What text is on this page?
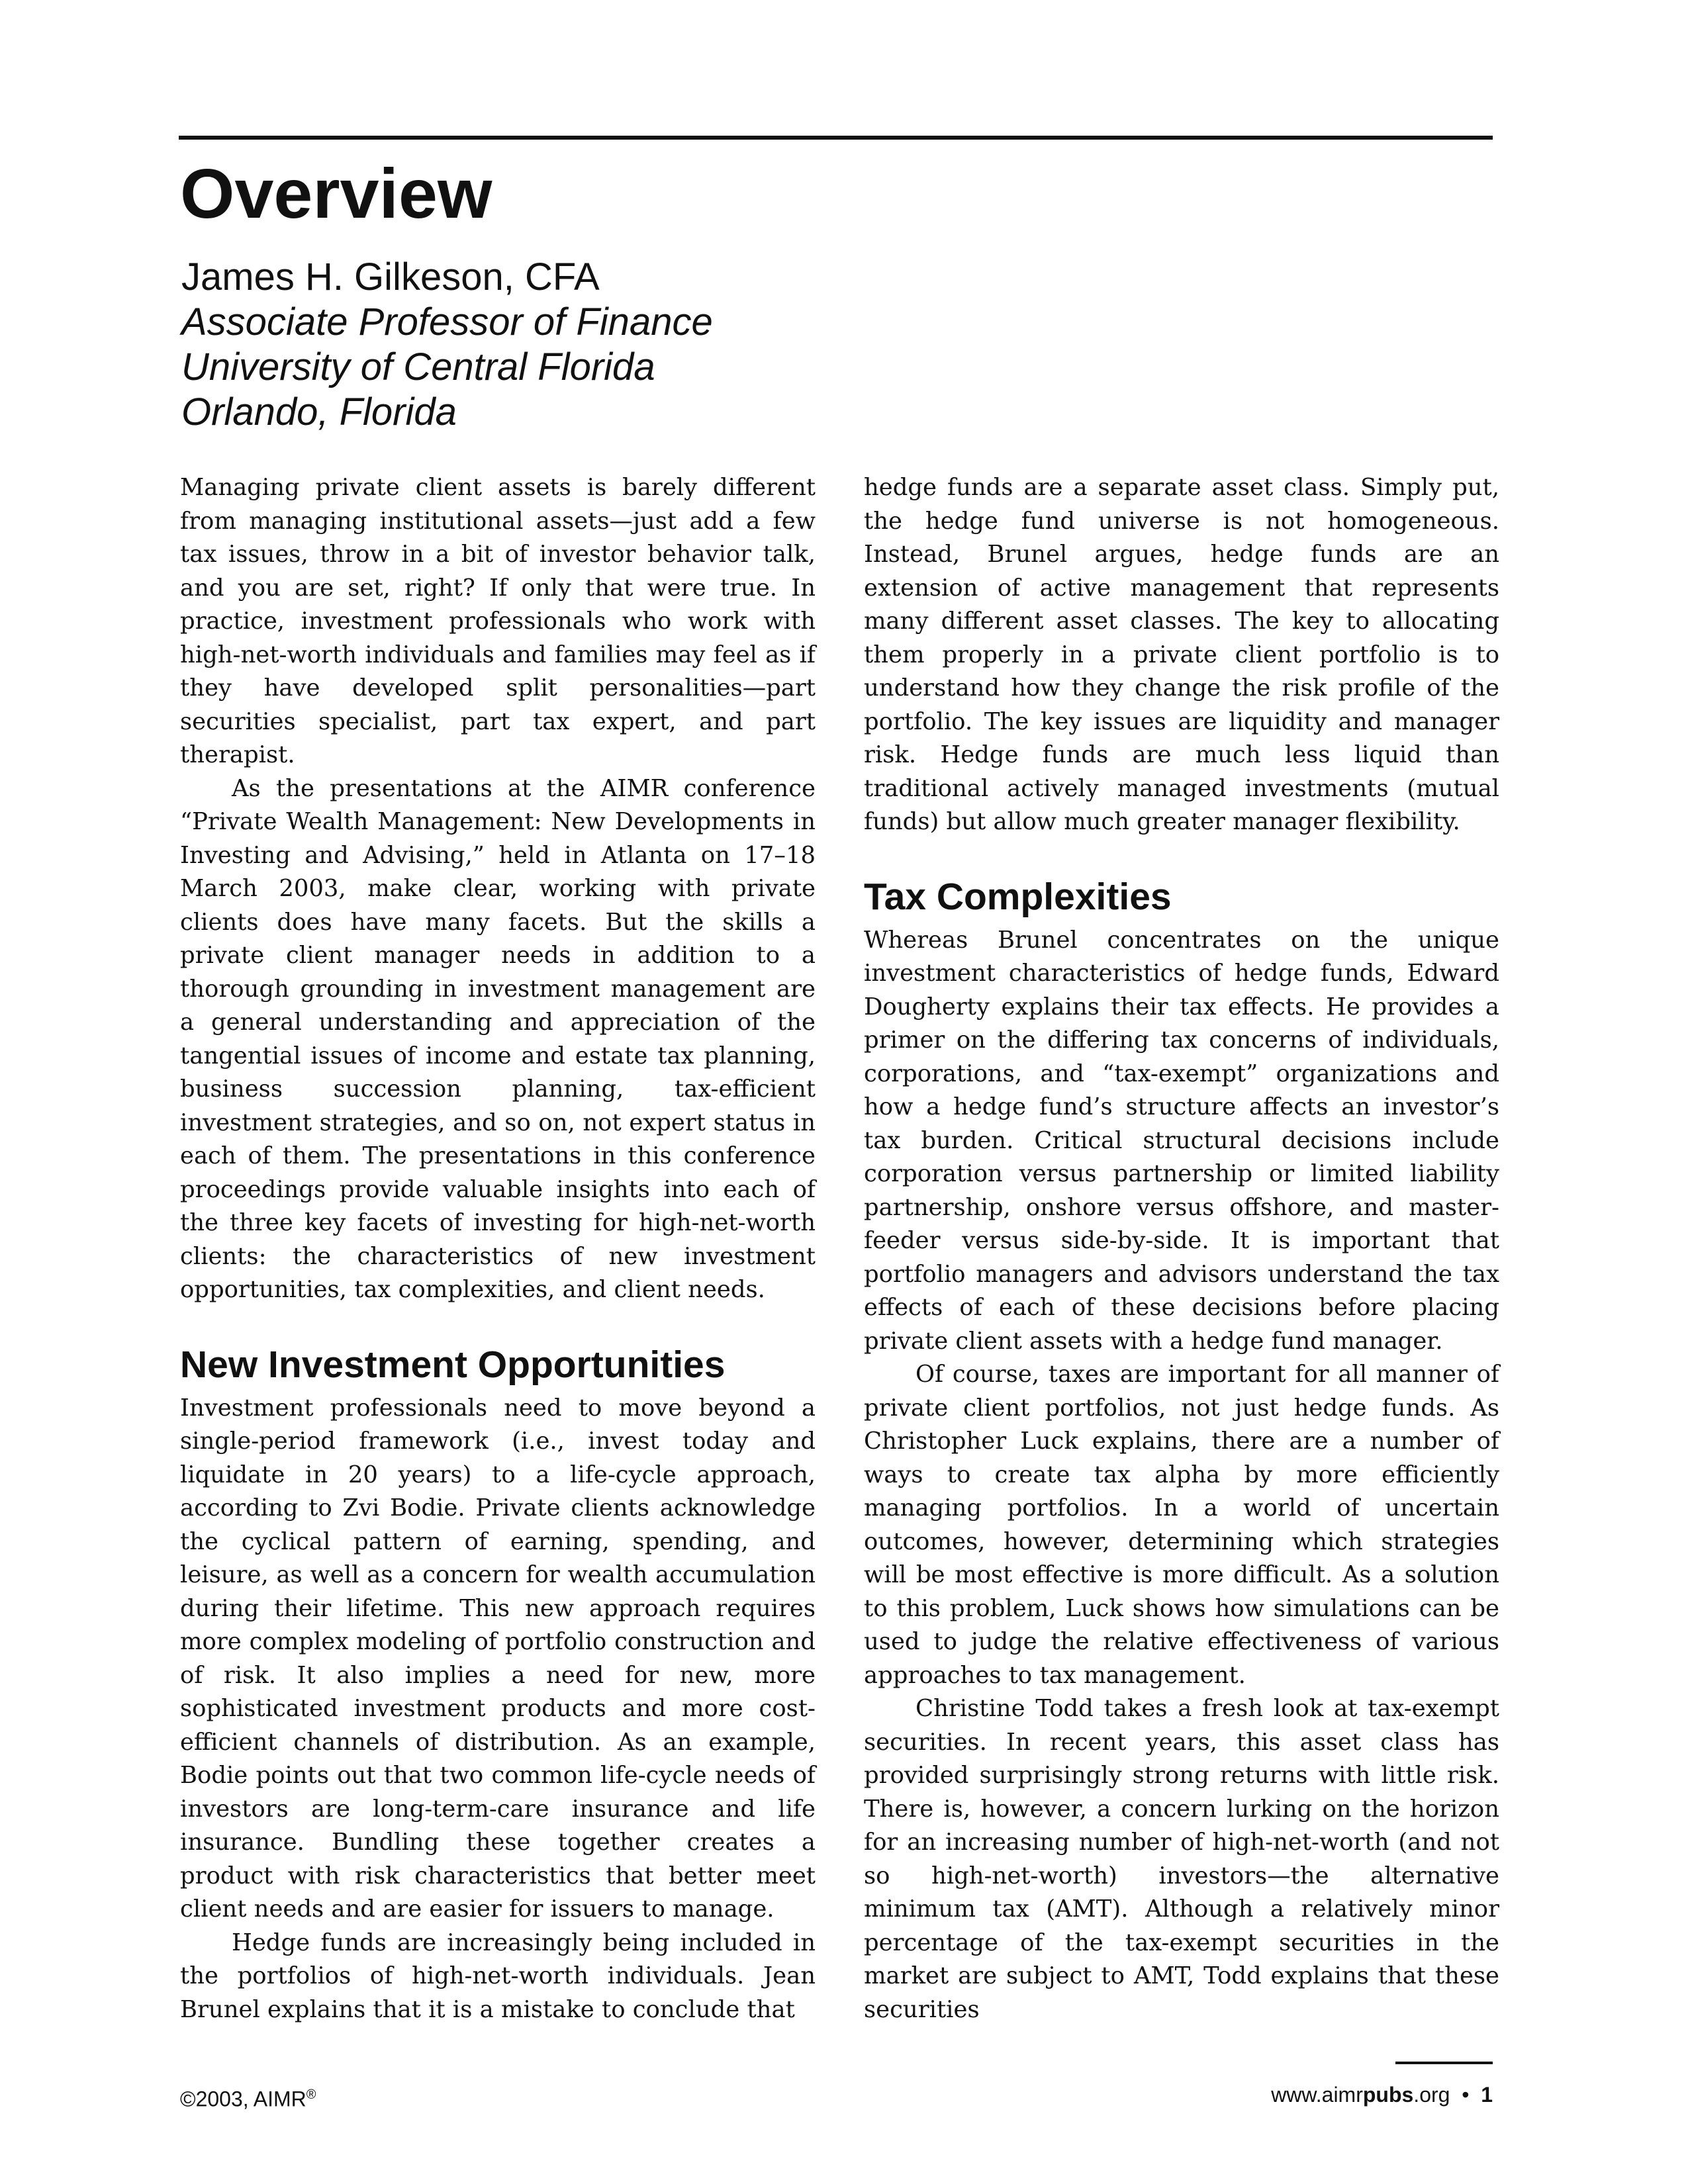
Overview
James H. Gilkeson, CFA
Associate Professor of Finance
University of Central Florida
Orlando, Florida

Managing private client assets is barely different from managing institutional assets—just add a few tax issues, throw in a bit of investor behavior talk, and you are set, right? If only that were true. In practice, investment professionals who work with high-net-worth individuals and families may feel as if they have developed split personalities—part securities specialist, part tax expert, and part therapist.

As the presentations at the AIMR conference “Private Wealth Management: New Developments in Investing and Advising,” held in Atlanta on 17–18 March 2003, make clear, working with private clients does have many facets. But the skills a private client manager needs in addition to a thorough grounding in investment management are a general understanding and appreciation of the tangential issues of income and estate tax planning, business succession planning, tax-efficient investment strategies, and so on, not expert status in each of them. The presentations in this conference proceedings provide valuable insights into each of the three key facets of investing for high-net-worth clients: the characteristics of new investment opportunities, tax complexities, and client needs.

New Investment Opportunities

Investment professionals need to move beyond a single-period framework (i.e., invest today and liquidate in 20 years) to a life-cycle approach, according to Zvi Bodie. Private clients acknowledge the cyclical pattern of earning, spending, and leisure, as well as a concern for wealth accumulation during their lifetime. This new approach requires more complex modeling of portfolio construction and of risk. It also implies a need for new, more sophisticated investment products and more cost-efficient channels of distribution. As an example, Bodie points out that two common life-cycle needs of investors are long-term-care insurance and life insurance. Bundling these together creates a product with risk characteristics that better meet client needs and are easier for issuers to manage.

Hedge funds are increasingly being included in the portfolios of high-net-worth individuals. Jean Brunel explains that it is a mistake to conclude that

hedge funds are a separate asset class. Simply put, the hedge fund universe is not homogeneous. Instead, Brunel argues, hedge funds are an extension of active management that represents many different asset classes. The key to allocating them properly in a private client portfolio is to understand how they change the risk profile of the portfolio. The key issues are liquidity and manager risk. Hedge funds are much less liquid than traditional actively managed investments (mutual funds) but allow much greater manager flexibility.

Tax Complexities

Whereas Brunel concentrates on the unique investment characteristics of hedge funds, Edward Dougherty explains their tax effects. He provides a primer on the differing tax concerns of individuals, corporations, and “tax-exempt” organizations and how a hedge fund’s structure affects an investor’s tax burden. Critical structural decisions include corporation versus partnership or limited liability partnership, onshore versus offshore, and master-feeder versus side-by-side. It is important that portfolio managers and advisors understand the tax effects of each of these decisions before placing private client assets with a hedge fund manager.

Of course, taxes are important for all manner of private client portfolios, not just hedge funds. As Christopher Luck explains, there are a number of ways to create tax alpha by more efficiently managing portfolios. In a world of uncertain outcomes, however, determining which strategies will be most effective is more difficult. As a solution to this problem, Luck shows how simulations can be used to judge the relative effectiveness of various approaches to tax management.

Christine Todd takes a fresh look at tax-exempt securities. In recent years, this asset class has provided surprisingly strong returns with little risk. There is, however, a concern lurking on the horizon for an increasing number of high-net-worth (and not so high-net-worth) investors—the alternative minimum tax (AMT). Although a relatively minor percentage of the tax-exempt securities in the market are subject to AMT, Todd explains that these securities

©2003, AIMR®	www.aimrpubs.org • 1
